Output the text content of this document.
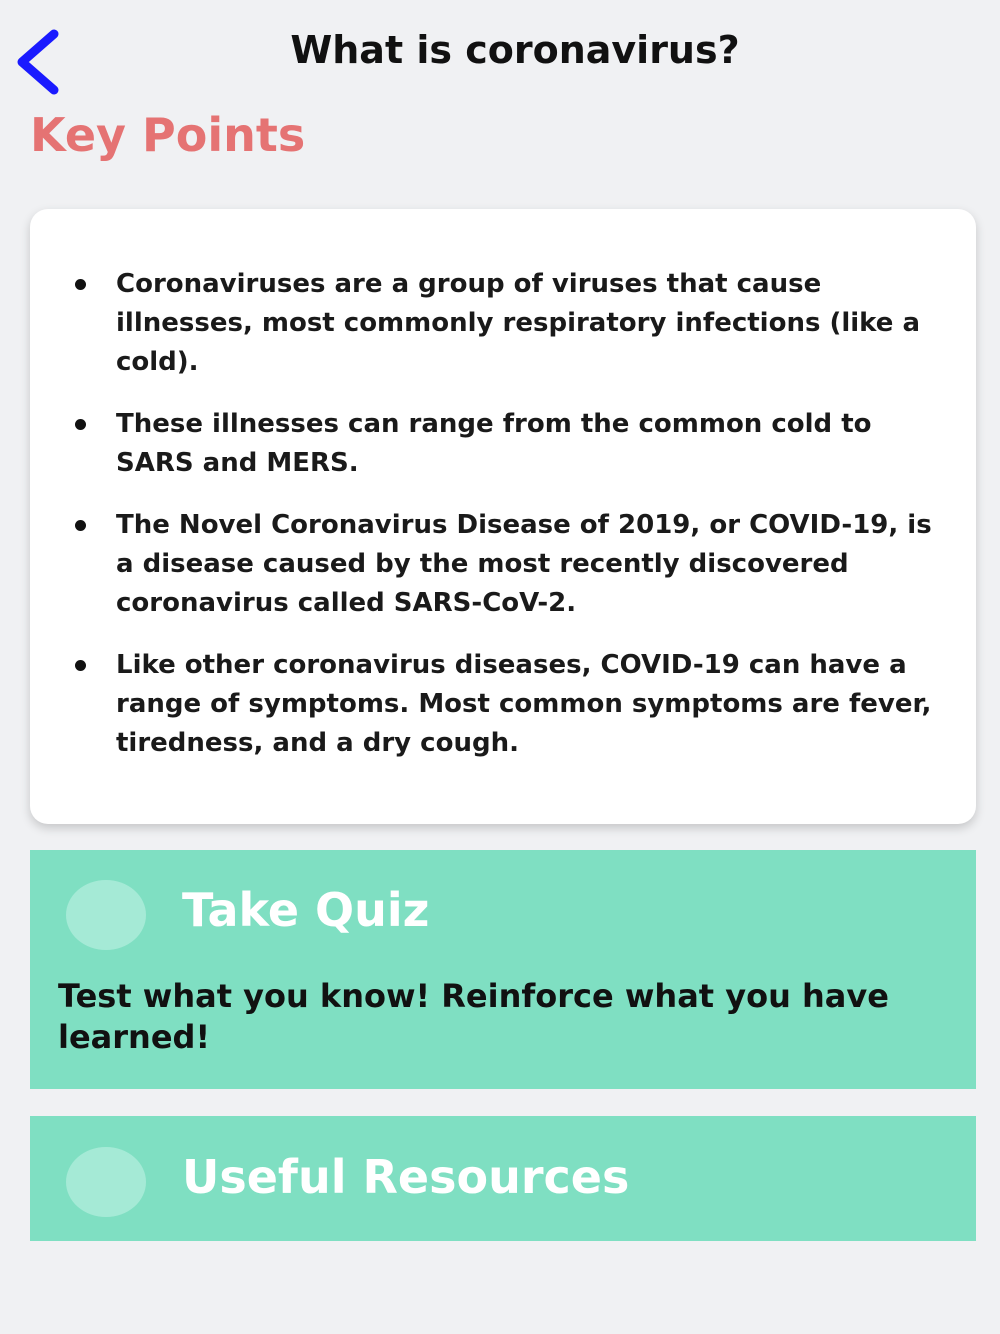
What is coronavirus?
Key Points
Coronaviruses are a group of viruses that cause illnesses, most commonly respiratory infections (like a cold).
These illnesses can range from the common cold to SARS and MERS.
The Novel Coronavirus Disease of 2019, or COVID-19, is a disease caused by the most recently discovered coronavirus called SARS-CoV-2.
Like other coronavirus diseases, COVID-19 can have a range of symptoms. Most common symptoms are fever, tiredness, and a dry cough.
Take Quiz
Test what you know! Reinforce what you have learned!
Useful Resources
